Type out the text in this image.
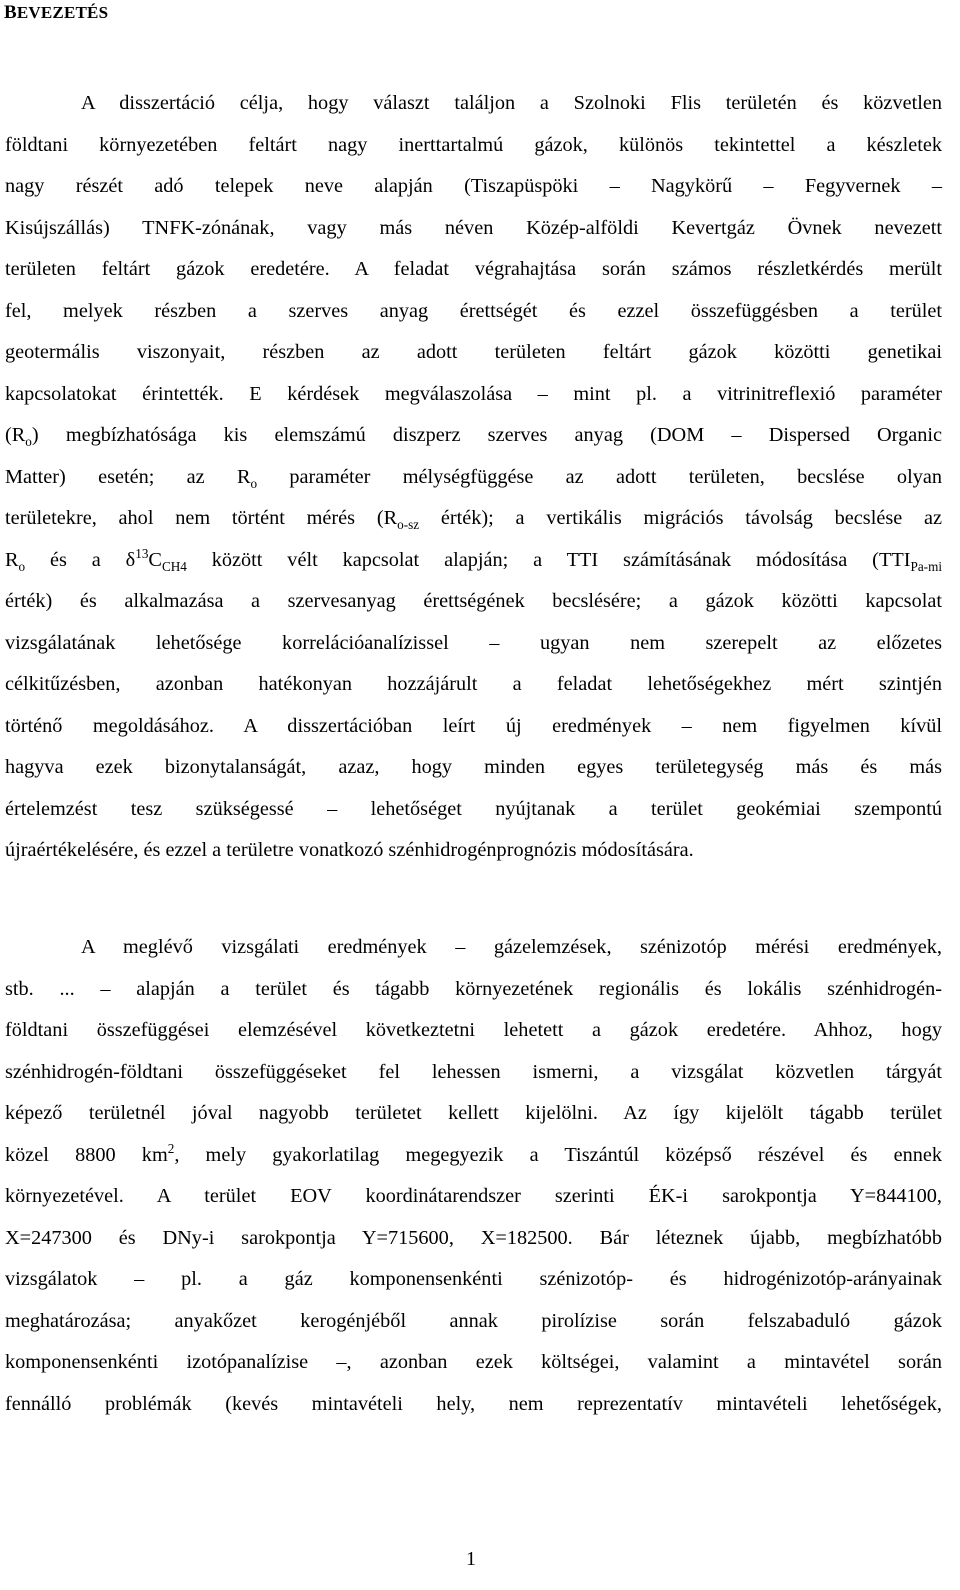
BEVEZETÉS
A disszertáció célja, hogy választ találjon a Szolnoki Flis területén és közvetlen
földtani környezetében feltárt nagy inerttartalmú gázok, különös tekintettel a készletek
nagy részét adó telepek neve alapján (Tiszapüspöki – Nagykörű – Fegyvernek –
Kisújszállás) TNFK-zónának, vagy más néven Közép-alföldi Kevertgáz Övnek nevezett
területen feltárt gázok eredetére. A feladat végrahajtása során számos részletkérdés merült
fel, melyek részben a szerves anyag érettségét és ezzel összefüggésben a terület
geotermális viszonyait, részben az adott területen feltárt gázok közötti genetikai
kapcsolatokat érintették. E kérdések megválaszolása – mint pl. a vitrinitreflexió paraméter
$(R_o)$ megbízhatósága kis elemszámú diszperz szerves anyag (DOM – Dispersed Organic
Matter) esetén; az $R_o$ paraméter mélységfüggése az adott területen, becslése olyan
területekre, ahol nem történt mérés ($R_{o-sz}$ érték); a vertikális migrációs távolság becslése az
$R_o$ és a $\delta^{13}C_{CH4}$ között vélt kapcsolat alapján; a TTI számításának módosítása ($TTI_{Pa-mi}$
érték) és alkalmazása a szervesanyag érettségének becslésére; a gázok közötti kapcsolat
vizsgálatának lehetősége korrelációanalízissel – ugyan nem szerepelt az előzetes
célkitűzésben, azonban hatékonyan hozzájárult a feladat lehetőségekhez mért szintjén
történő megoldásához. A disszertációban leírt új eredmények – nem figyelmen kívül
hagyva ezek bizonytalanságát, azaz, hogy minden egyes területegység más és más
értelemzést tesz szükségessé – lehetőséget nyújtanak a terület geokémiai szempontú
újraértékelésére, és ezzel a területre vonatkozó szénhidrogénprognózis módosítására.
A meglévő vizsgálati eredmények – gázelemzések, szénizotóp mérési eredmények,
stb. ... – alapján a terület és tágabb környezetének regionális és lokális szénhidrogén-
földtani összefüggései elemzésével következtetni lehetett a gázok eredetére. Ahhoz, hogy
szénhidrogén-földtani összefüggéseket fel lehessen ismerni, a vizsgálat közvetlen tárgyát
képező területnél jóval nagyobb területet kellett kijelölni. Az így kijelölt tágabb terület
közel 8800 $km^2$, mely gyakorlatilag megegyezik a Tiszántúl középső részével és ennek
környezetével. A terület EOV koordinátarendszer szerinti ÉK-i sarokpontja Y=844100,
X=247300 és DNy-i sarokpontja Y=715600, X=182500. Bár léteznek újabb, megbízhatóbb
vizsgálatok – pl. a gáz komponensenkénti szénizotóp- és hidrogénizotóp-arányainak
meghatározása; anyakőzet kerogénjéből annak pirolízise során felszabaduló gázok
komponensenkénti izotópanalízise –, azonban ezek költségei, valamint a mintavétel során
fennálló problémák (kevés mintavételi hely, nem reprezentatív mintavételi lehetőségek,
1
